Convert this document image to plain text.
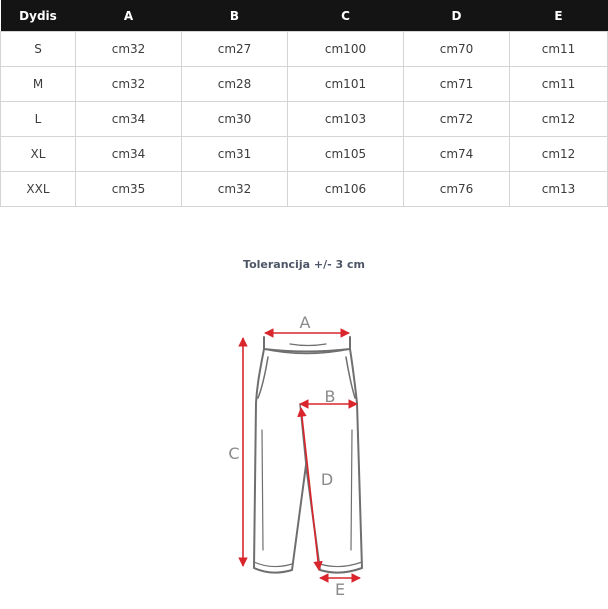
Dydis	A	B	C	D	E
S	cm32	cm27	cm100	cm70	cm11
M	cm32	cm28	cm101	cm71	cm11
L	cm34	cm30	cm103	cm72	cm12
XL	cm34	cm31	cm105	cm74	cm12
XXL	cm35	cm32	cm106	cm76	cm13
Tolerancija +/- 3 cm
A
B
C
D
E
